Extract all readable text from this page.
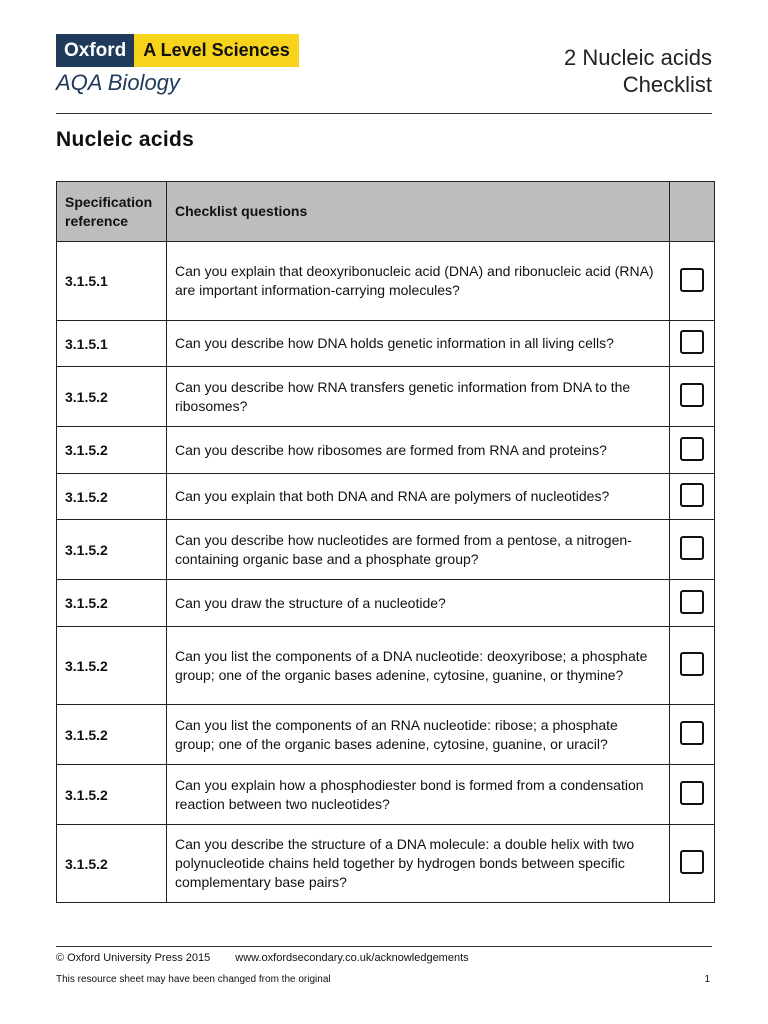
Oxford A Level Sciences
AQA Biology
2 Nucleic acids
Checklist
Nucleic acids
Specification reference	Checklist questions	
3.1.5.1	Can you explain that deoxyribonucleic acid (DNA) and ribonucleic acid (RNA)
are important information-carrying molecules?	

3.1.5.1	Can you describe how DNA holds genetic information in all living cells?	

3.1.5.2	Can you describe how RNA transfers genetic information from DNA to the ribosomes?	

3.1.5.2	Can you describe how ribosomes are formed from RNA and proteins?	

3.1.5.2	Can you explain that both DNA and RNA are polymers of nucleotides?	

3.1.5.2	Can you describe how nucleotides are formed from a pentose, a nitrogen-containing organic base and a phosphate group?	

3.1.5.2	Can you draw the structure of a nucleotide?	

3.1.5.2	Can you list the components of a DNA nucleotide: deoxyribose; a phosphate group; one of the organic bases adenine, cytosine, guanine, or thymine?	

3.1.5.2	Can you list the components of an RNA nucleotide: ribose; a phosphate group; one of the organic bases adenine, cytosine, guanine, or uracil?	

3.1.5.2	Can you explain how a phosphodiester bond is formed from a condensation reaction between two nucleotides?	

3.1.5.2	Can you describe the structure of a DNA molecule: a double helix with two polynucleotide chains held together by hydrogen bonds between specific complementary base pairs?	

© Oxford University Press 2015 www.oxfordsecondary.co.uk/acknowledgements
This resource sheet may have been changed from the original	1
